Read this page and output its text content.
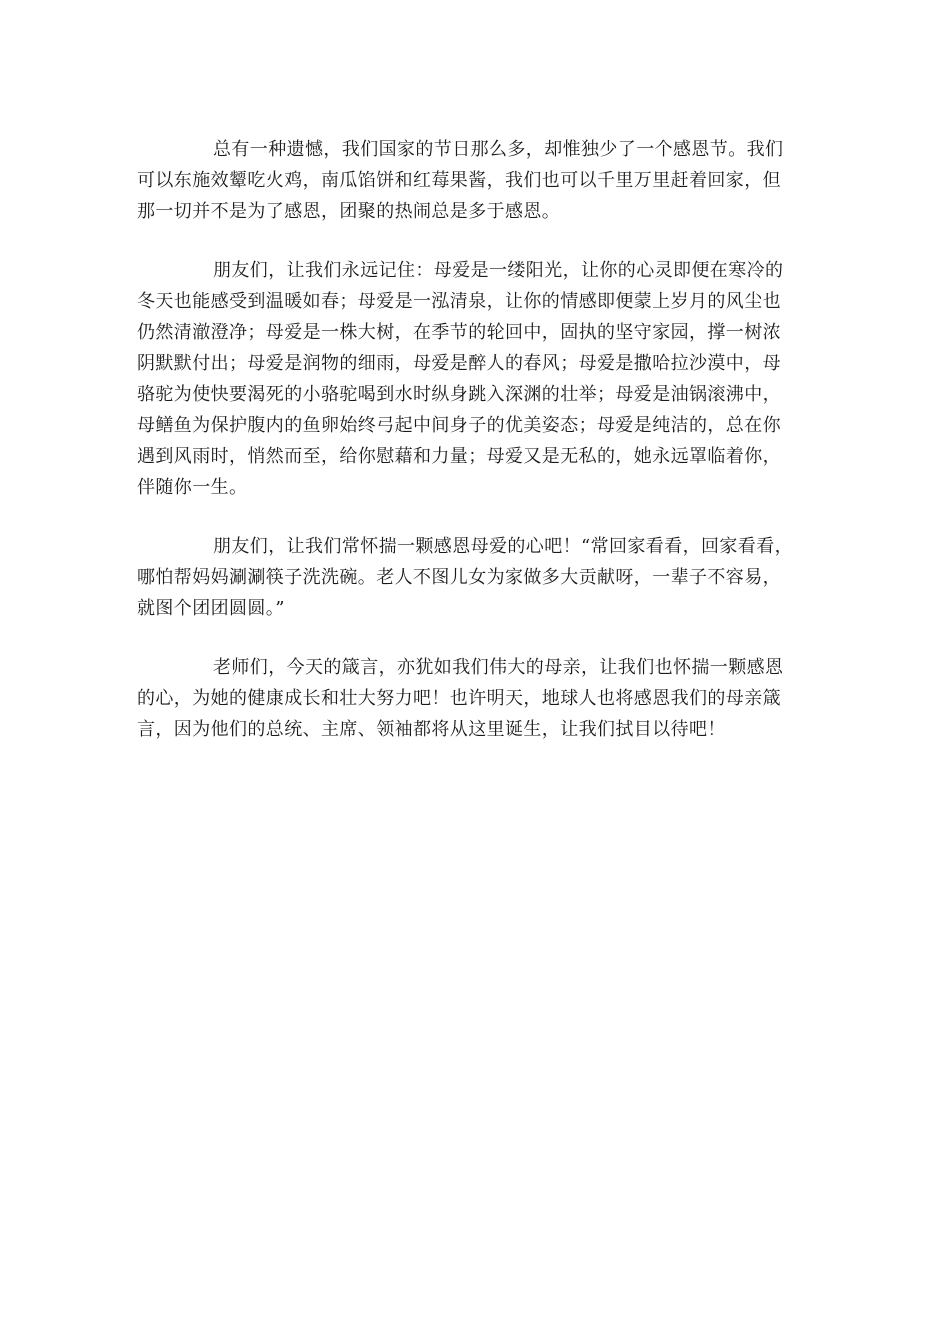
总有一种遗憾，我们国家的节日那么多，却惟独少了一个感恩节。我们
可以东施效颦吃火鸡，南瓜馅饼和红莓果酱，我们也可以千里万里赶着回家，但
那一切并不是为了感恩，团聚的热闹总是多于感恩。

朋友们，让我们永远记住：母爱是一缕阳光，让你的心灵即便在寒冷的
冬天也能感受到温暖如春；母爱是一泓清泉，让你的情感即便蒙上岁月的风尘也
仍然清澈澄净；母爱是一株大树，在季节的轮回中，固执的坚守家园，撑一树浓
阴默默付出；母爱是润物的细雨，母爱是醉人的春风；母爱是撒哈拉沙漠中，母
骆驼为使快要渴死的小骆驼喝到水时纵身跳入深渊的壮举；母爱是油锅滚沸中，
母鳝鱼为保护腹内的鱼卵始终弓起中间身子的优美姿态；母爱是纯洁的，总在你
遇到风雨时，悄然而至，给你慰藉和力量；母爱又是无私的，她永远罩临着你，
伴随你一生。

朋友们，让我们常怀揣一颗感恩母爱的心吧！“常回家看看，回家看看，
哪怕帮妈妈涮涮筷子洗洗碗。老人不图儿女为家做多大贡献呀，一辈子不容易，
就图个团团圆圆。”

老师们，今天的箴言，亦犹如我们伟大的母亲，让我们也怀揣一颗感恩
的心，为她的健康成长和壮大努力吧！也许明天，地球人也将感恩我们的母亲箴
言，因为他们的总统、主席、领袖都将从这里诞生，让我们拭目以待吧！
